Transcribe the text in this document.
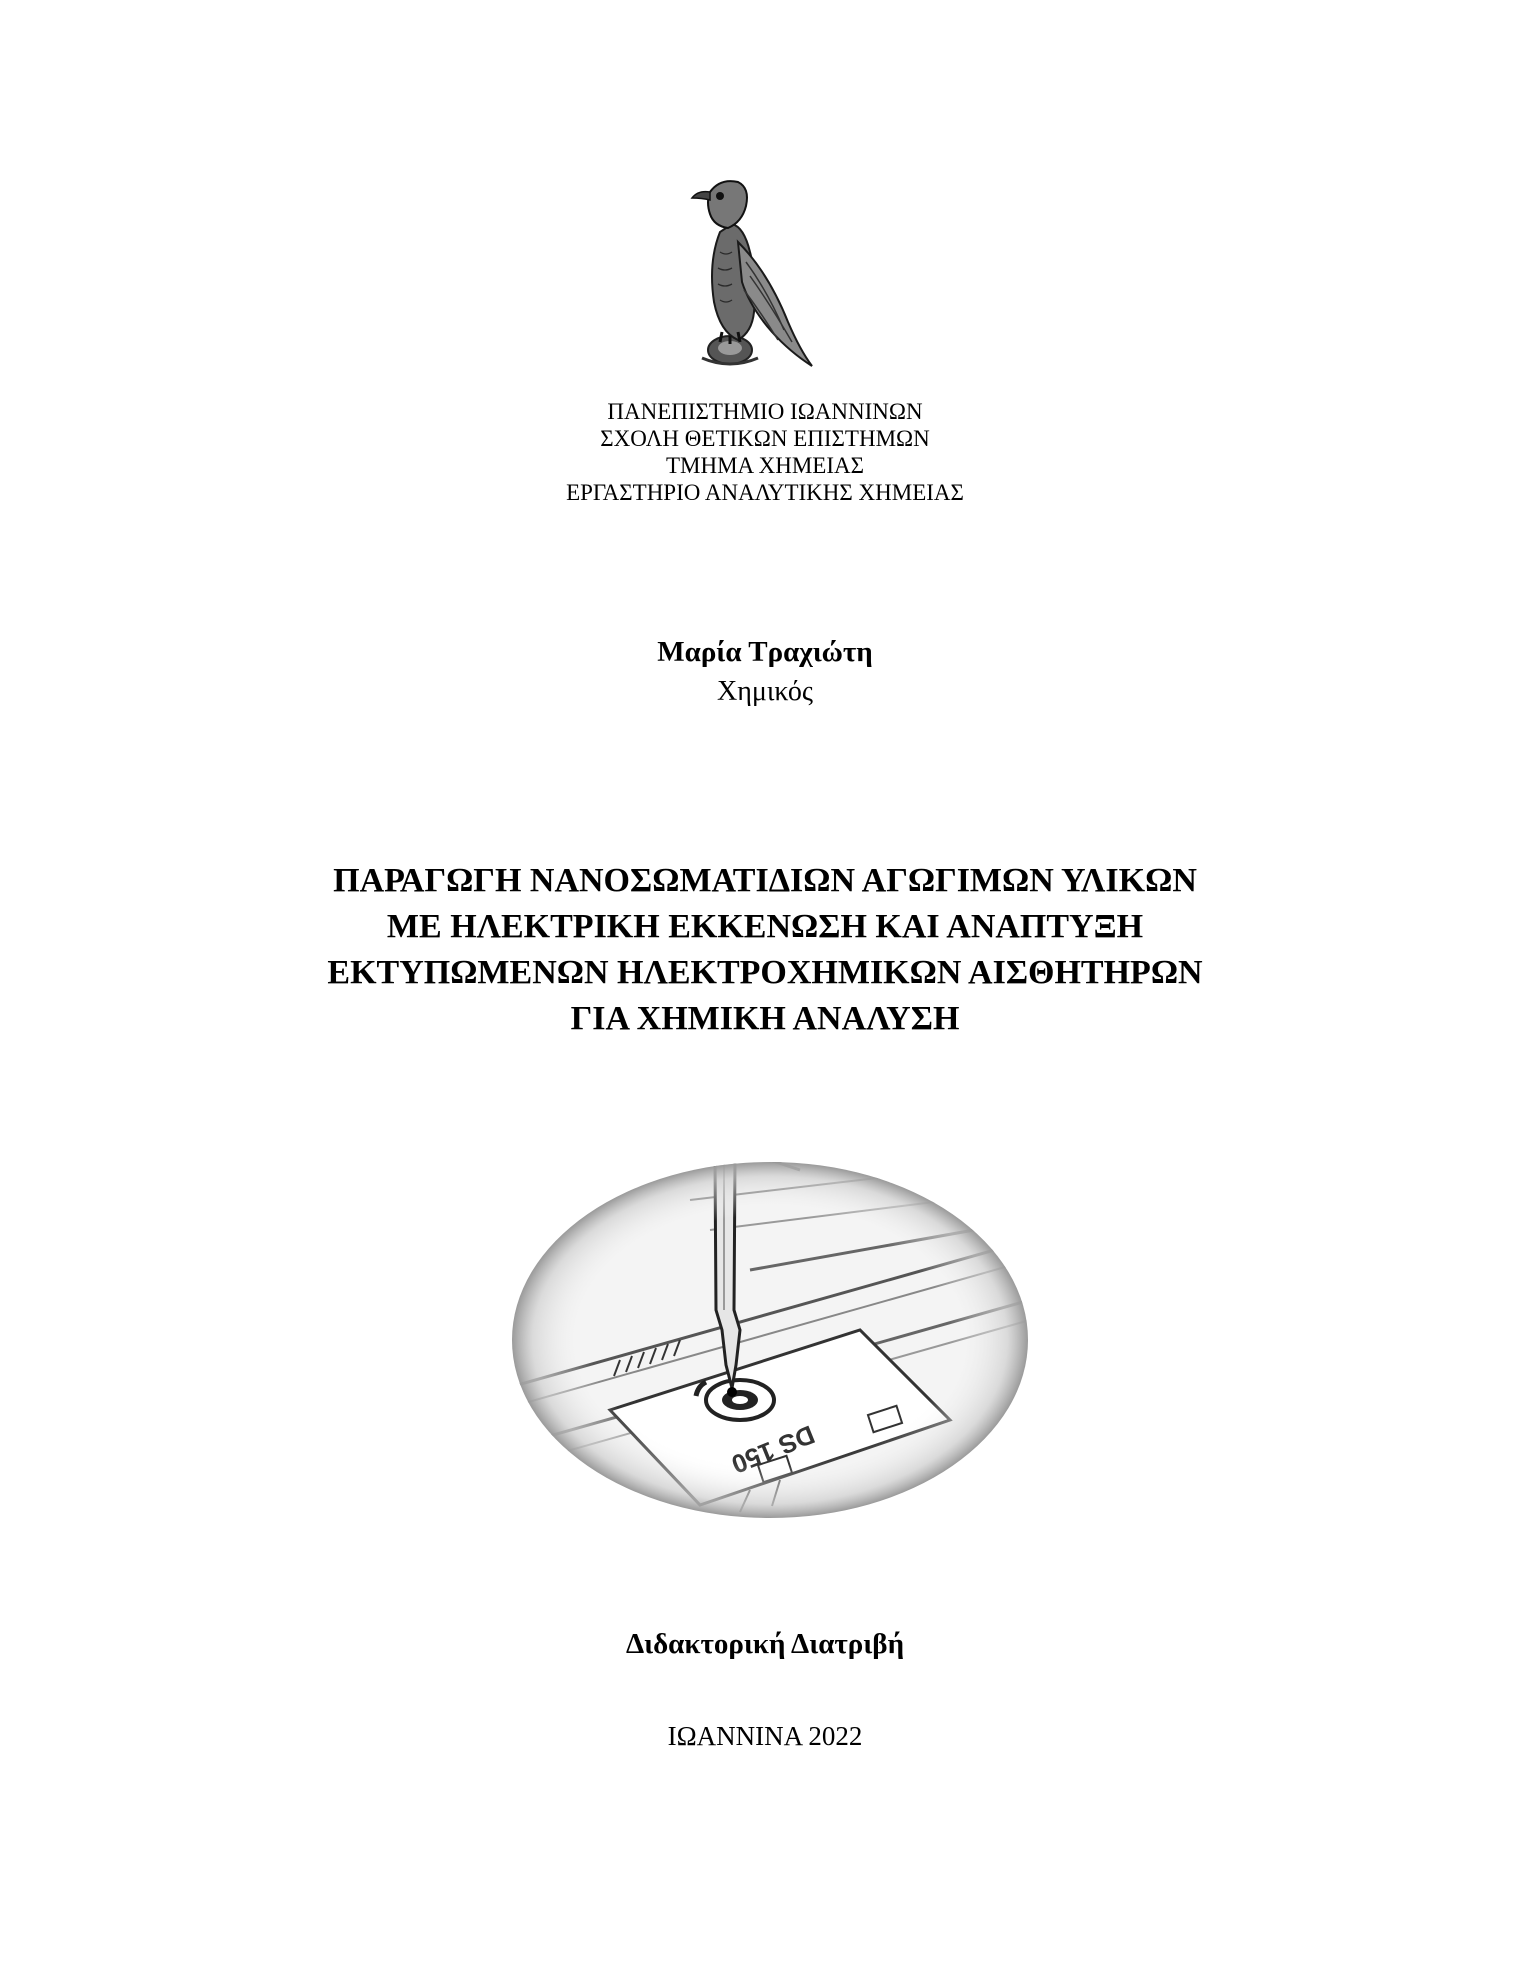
ΠΑΝΕΠΙΣΤΗΜΙΟ ΙΩΑΝΝΙΝΩΝ
ΣΧΟΛΗ ΘΕΤΙΚΩΝ ΕΠΙΣΤΗΜΩΝ
ΤΜΗΜΑ ΧΗΜΕΙΑΣ
ΕΡΓΑΣΤΗΡΙΟ ΑΝΑΛΥΤΙΚΗΣ ΧΗΜΕΙΑΣ
Μαρία Τραχιώτη
Χημικός
ΠΑΡΑΓΩΓΗ ΝΑΝΟΣΩΜΑΤΙΔΙΩΝ ΑΓΩΓΙΜΩΝ ΥΛΙΚΩΝ
ΜΕ ΗΛΕΚΤΡΙΚΗ ΕΚΚΕΝΩΣΗ ΚΑΙ ΑΝΑΠΤΥΞΗ
ΕΚΤΥΠΩΜΕΝΩΝ ΗΛΕΚΤΡΟΧΗΜΙΚΩΝ ΑΙΣΘΗΤΗΡΩΝ
ΓΙΑ ΧΗΜΙΚΗ ΑΝΑΛΥΣΗ
Διδακτορική Διατριβή
ΙΩΑΝΝΙΝΑ 2022
